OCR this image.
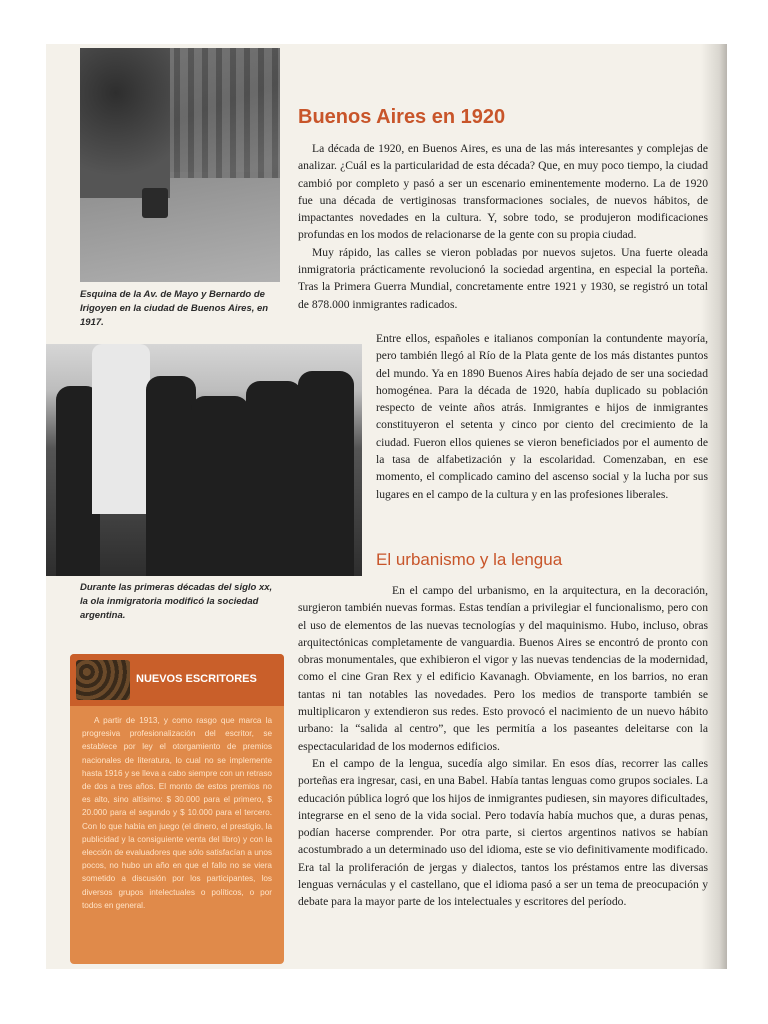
Esquina de la Av. de Mayo y Bernardo de Irigoyen en la ciudad de Buenos Aires, en 1917.
Durante las primeras décadas del siglo xx, la ola inmigratoria modificó la sociedad argentina.
Buenos Aires en 1920

La década de 1920, en Buenos Aires, es una de las más interesantes y complejas de analizar. ¿Cuál es la particularidad de esta década? Que, en muy poco tiempo, la ciudad cambió por completo y pasó a ser un escenario eminentemente moderno. La de 1920 fue una década de vertiginosas transformaciones sociales, de nuevos hábitos, de impactantes novedades en la cultura. Y, sobre todo, se produjeron modificaciones profundas en los modos de relacionarse de la gente con su propia ciudad.

Muy rápido, las calles se vieron pobladas por nuevos sujetos. Una fuerte oleada inmigratoria prácticamente revolucionó la sociedad argentina, en especial la porteña. Tras la Primera Guerra Mundial, concretamente entre 1921 y 1930, se registró un total de 878.000 inmigrantes radicados.

Entre ellos, españoles e italianos componían la contundente mayoría, pero también llegó al Río de la Plata gente de los más distantes puntos del mundo. Ya en 1890 Buenos Aires había dejado de ser una sociedad homogénea. Para la década de 1920, había duplicado su población respecto de veinte años atrás. Inmigrantes e hijos de inmigrantes constituyeron el setenta y cinco por ciento del crecimiento de la ciudad. Fueron ellos quienes se vieron beneficiados por el aumento de la tasa de alfabetización y la escolaridad. Comenzaban, en ese momento, el complicado camino del ascenso social y la lucha por sus lugares en el campo de la cultura y en las profesiones liberales.

El urbanismo y la lengua

En el campo del urbanismo, en la arquitectura, en la decoración, surgieron también nuevas formas. Estas tendían a privilegiar el funcionalismo, pero con el uso de elementos de las nuevas tecnologías y del maquinismo. Hubo, incluso, obras arquitectónicas completamente de vanguardia. Buenos Aires se encontró de pronto con obras monumentales, que exhibieron el vigor y las nuevas tendencias de la modernidad, como el cine Gran Rex y el edificio Kavanagh. Obviamente, en los barrios, no eran tantas ni tan notables las novedades. Pero los medios de transporte también se multiplicaron y extendieron sus redes. Esto provocó el nacimiento de un nuevo hábito urbano: la “salida al centro”, que les permitía a los paseantes deleitarse con la espectacularidad de los modernos edificios.

En el campo de la lengua, sucedía algo similar. En esos días, recorrer las calles porteñas era ingresar, casi, en una Babel. Había tantas lenguas como grupos sociales. La educación pública logró que los hijos de inmigrantes pudiesen, sin mayores dificultades, integrarse en el seno de la vida social. Pero todavía había muchos que, a duras penas, podían hacerse comprender. Por otra parte, si ciertos argentinos nativos se habían acostumbrado a un determinado uso del idioma, este se vio definitivamente modificado. Era tal la proliferación de jergas y dialectos, tantos los préstamos entre las diversas lenguas vernáculas y el castellano, que el idioma pasó a ser un tema de preocupación y debate para la mayor parte de los intelectuales y escritores del período.

NUEVOS ESCRITORES
A partir de 1913, y como rasgo que marca la progresiva profesionalización del escritor, se establece por ley el otorgamiento de premios nacionales de literatura, lo cual no se implemente hasta 1916 y se lleva a cabo siempre con un retraso de dos a tres años. El monto de estos premios no es alto, sino altísimo: $ 30.000 para el primero, $ 20.000 para el segundo y $ 10.000 para el tercero. Con lo que había en juego (el dinero, el prestigio, la publicidad y la consiguiente venta del libro) y con la elección de evaluadores que sólo satisfacían a unos pocos, no hubo un año en que el fallo no se viera sometido a discusión por los participantes, los diversos grupos intelectuales o políticos, o por todos en general.
